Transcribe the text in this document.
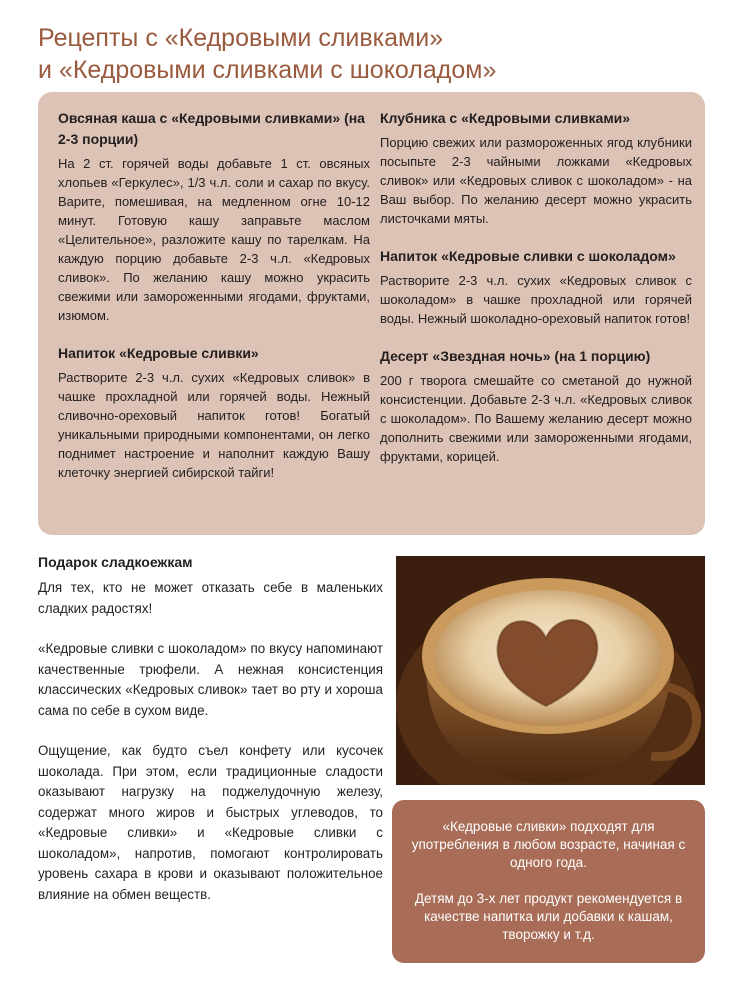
Рецепты с «Кедровыми сливками»
и «Кедровыми сливками с шоколадом»
Овсяная каша с «Кедровыми сливками» (на 2-3 порции)

На 2 ст. горячей воды добавьте 1 ст. овсяных хлопьев «Геркулес», 1/3 ч.л. соли и сахар по вкусу. Варите, помешивая, на медленном огне 10-12 минут. Готовую кашу заправьте маслом «Целительное», разложите кашу по тарелкам. На каждую порцию добавьте 2-3 ч.л. «Кедровых сливок». По желанию кашу можно украсить свежими или замороженными ягодами, фруктами, изюмом.

Напиток «Кедровые сливки»

Растворите 2-3 ч.л. сухих «Кедровых сливок» в чашке прохладной или горячей воды. Нежный сливочно-ореховый напиток готов! Богатый уникальными природными компонентами, он легко поднимет настроение и наполнит каждую Вашу клеточку энергией сибирской тайги!

Клубника с «Кедровыми сливками»

Порцию свежих или размороженных ягод клубники посыпьте 2-3 чайными ложками «Кедровых сливок» или «Кедровых сливок с шоколадом» - на Ваш выбор. По желанию десерт можно украсить листочками мяты.

Напиток «Кедровые сливки с шоколадом»

Растворите 2-3 ч.л. сухих «Кедровых сливок с шоколадом» в чашке прохладной или горячей воды. Нежный шоколадно-ореховый напиток готов!

Десерт «Звездная ночь» (на 1 порцию)

200 г творога смешайте со сметаной до нужной консистенции. Добавьте 2-3 ч.л. «Кедровых сливок с шоколадом». По Вашему желанию десерт можно дополнить свежими или замороженными ягодами, фруктами, корицей.

Подарок сладкоежкам

Для тех, кто не может отказать себе в маленьких сладких радостях!

«Кедровые сливки с шоколадом» по вкусу напоминают качественные трюфели. А нежная консистенция классических «Кедровых сливок» тает во рту и хороша сама по себе в сухом виде.

Ощущение, как будто съел конфету или кусочек шоколада. При этом, если традиционные сладости оказывают нагрузку на поджелудочную железу, содержат много жиров и быстрых углеводов, то «Кедровые сливки» и «Кедровые сливки с шоколадом», напротив, помогают контролировать уровень сахара в крови и оказывают положительное влияние на обмен веществ.

«Кедровые сливки» подходят для употребления в любом возрасте, начиная с одного года.

Детям до 3-х лет продукт рекомендуется в качестве напитка или добавки к кашам, творожку и т.д.
